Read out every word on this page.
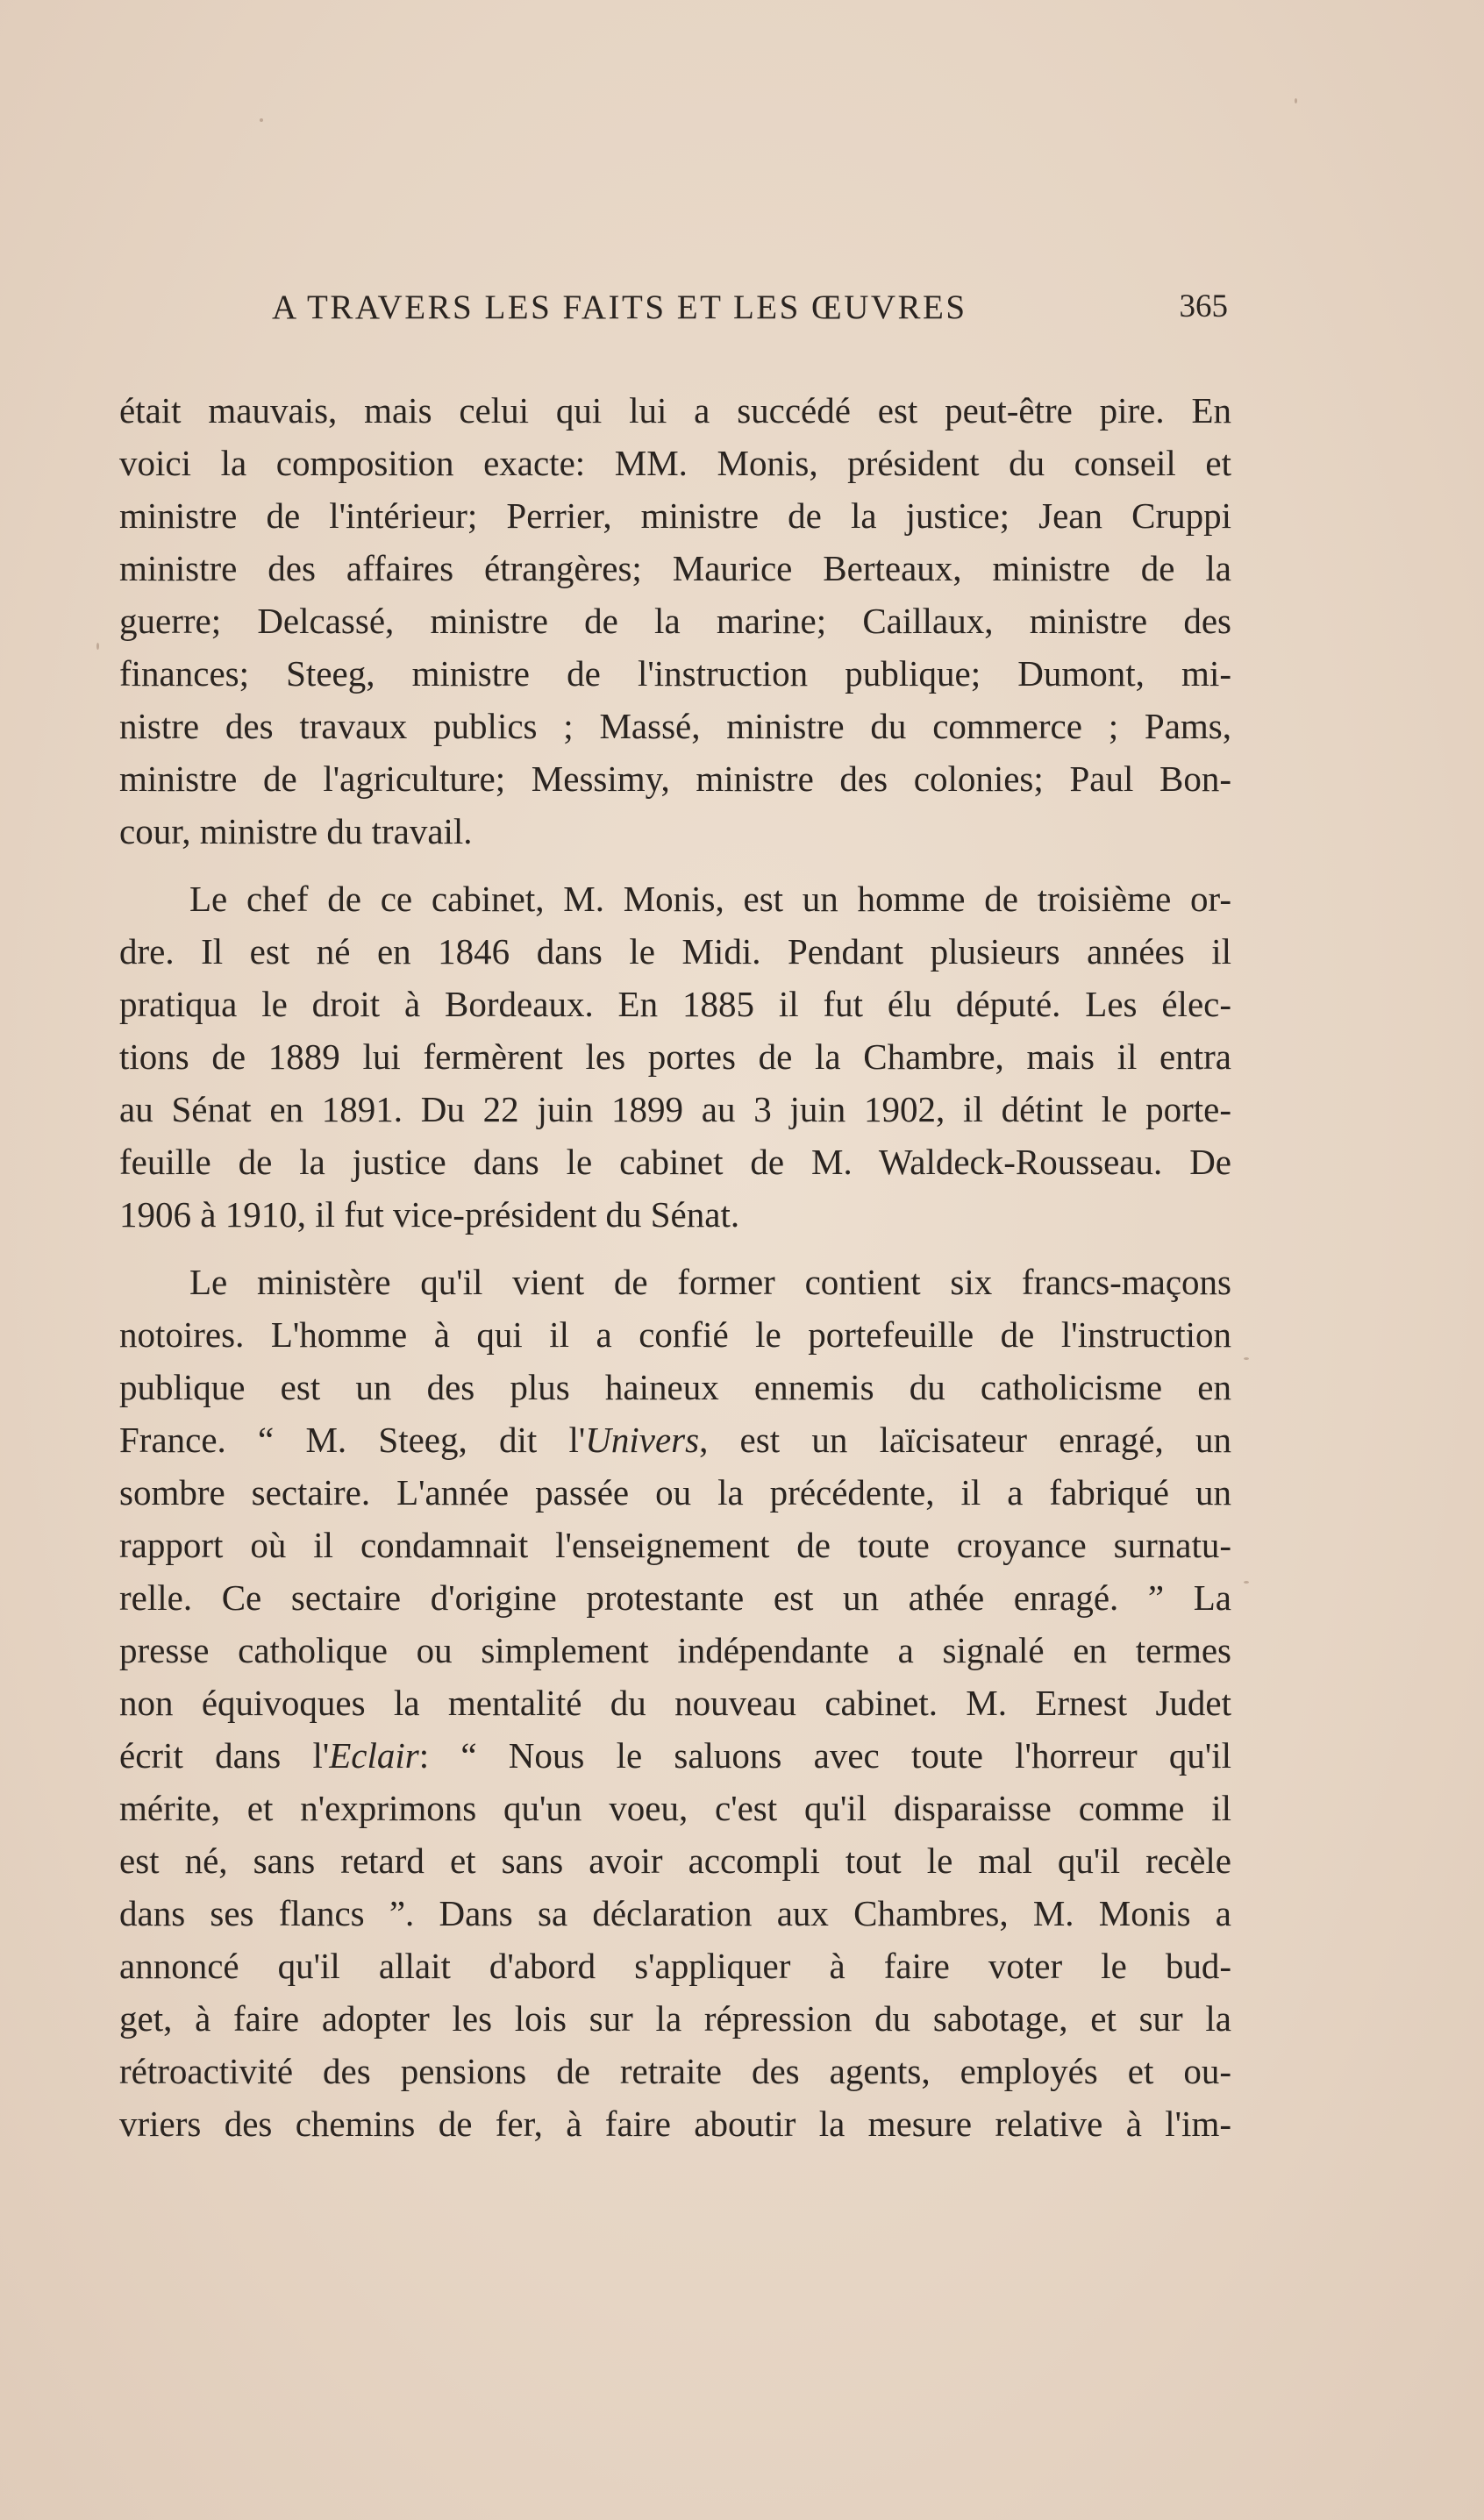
A TRAVERS LES FAITS ET LES ŒUVRES	365
était mauvais, mais celui qui lui a succédé est peut-être pire. En
voici la composition exacte: MM. Monis, président du conseil et
ministre de l'intérieur; Perrier, ministre de la justice; Jean Cruppi
ministre des affaires étrangères; Maurice Berteaux, ministre de la
guerre; Delcassé, ministre de la marine; Caillaux, ministre des
finances; Steeg, ministre de l'instruction publique; Dumont, mi-
nistre des travaux publics ; Massé, ministre du commerce ; Pams,
ministre de l'agriculture; Messimy, ministre des colonies; Paul Bon-
cour, ministre du travail.
Le chef de ce cabinet, M. Monis, est un homme de troisième or-
dre. Il est né en 1846 dans le Midi. Pendant plusieurs années il
pratiqua le droit à Bordeaux. En 1885 il fut élu député. Les élec-
tions de 1889 lui fermèrent les portes de la Chambre, mais il entra
au Sénat en 1891. Du 22 juin 1899 au 3 juin 1902, il détint le porte-
feuille de la justice dans le cabinet de M. Waldeck-Rousseau. De
1906 à 1910, il fut vice-président du Sénat.
Le ministère qu'il vient de former contient six francs-maçons
notoires. L'homme à qui il a confié le portefeuille de l'instruction
publique est un des plus haineux ennemis du catholicisme en
France. “ M. Steeg, dit l'Univers, est un laïcisateur enragé, un
sombre sectaire. L'année passée ou la précédente, il a fabriqué un
rapport où il condamnait l'enseignement de toute croyance surnatu-
relle. Ce sectaire d'origine protestante est un athée enragé. ” La
presse catholique ou simplement indépendante a signalé en termes
non équivoques la mentalité du nouveau cabinet. M. Ernest Judet
écrit dans l'Eclair: “ Nous le saluons avec toute l'horreur qu'il
mérite, et n'exprimons qu'un voeu, c'est qu'il disparaisse comme il
est né, sans retard et sans avoir accompli tout le mal qu'il recèle
dans ses flancs ”. Dans sa déclaration aux Chambres, M. Monis a
annoncé qu'il allait d'abord s'appliquer à faire voter le bud-
get, à faire adopter les lois sur la répression du sabotage, et sur la
rétroactivité des pensions de retraite des agents, employés et ou-
vriers des chemins de fer, à faire aboutir la mesure relative à l'im-
